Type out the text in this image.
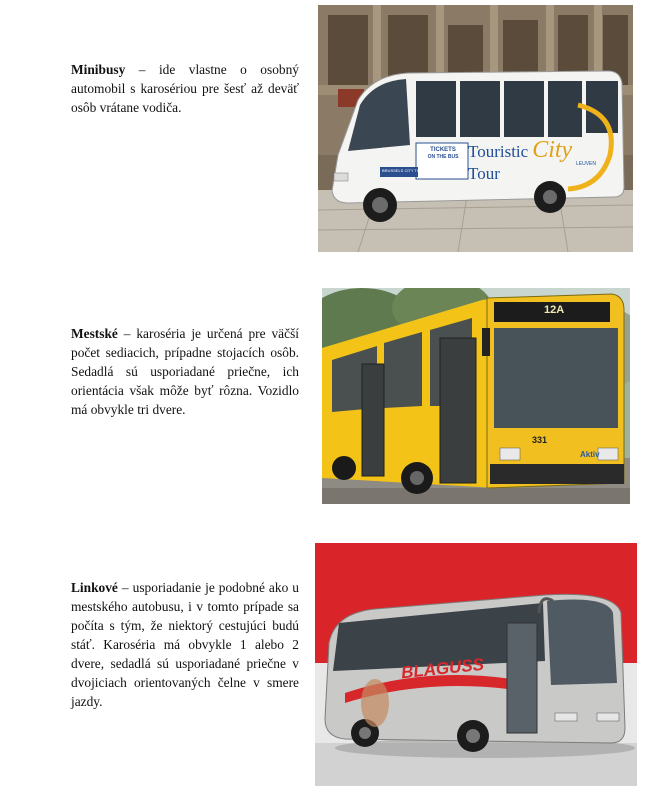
Minibusy – ide vlastne o osobný automobil s karosériou pre šesť až deväť osôb vrátane vodiča.
Touristic City Tour	LEUVEN
TICKETS
ON THE BUS
BRUSSELS CITY TOUR
Mestské – karoséria je určená pre väčší počet sediacich, prípadne stojacích osôb. Sedadlá sú usporiadané priečne, ich orientácia však môže byť rôzna. Vozidlo má obvykle tri dvere.
12A
331
Aktiv
Linkové – usporiadanie je podobné ako u mestského autobusu, i v tomto prípade sa počíta s tým, že niektorý cestujúci budú stáť. Karoséria má obvykle 1 alebo 2 dvere, sedadlá sú usporiadané priečne v dvojiciach orientovaných čelne v smere jazdy.
BLAGUSS
